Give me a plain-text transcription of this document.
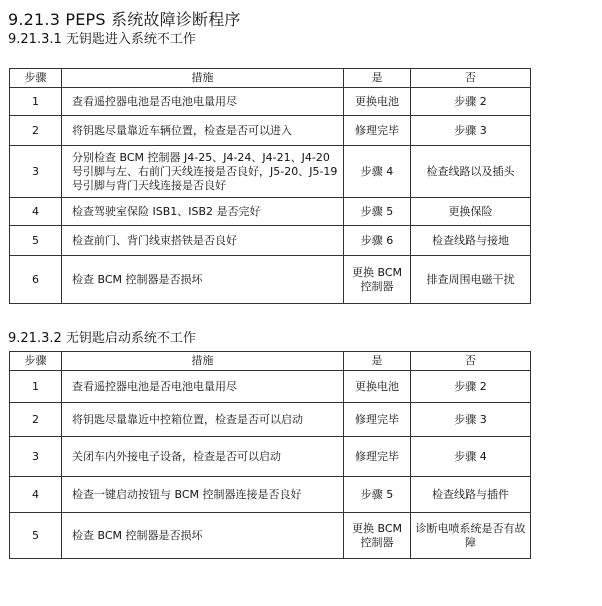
9.21.3 PEPS 系统故障诊断程序
9.21.3.1 无钥匙进入系统不工作
步骤	措施	是	否
1	查看遥控器电池是否电池电量用尽	更换电池	步骤 2
2	将钥匙尽量靠近车辆位置，检查是否可以进入	修理完毕	步骤 3
3	分别检查 BCM 控制器 J4-25、J4-24、J4-21、J4-20 号引脚与左、右前门天线连接是否良好，J5-20、J5-19 号引脚与背门天线连接是否良好	步骤 4	检查线路以及插头
4	检查驾驶室保险 ISB1、ISB2 是否完好	步骤 5	更换保险
5	检查前门、背门线束搭铁是否良好	步骤 6	检查线路与接地
6	检查 BCM 控制器是否损坏	更换 BCM 控制器	排查周围电磁干扰
9.21.3.2 无钥匙启动系统不工作
步骤	措施	是	否
1	查看遥控器电池是否电池电量用尽	更换电池	步骤 2
2	将钥匙尽量靠近中控箱位置，检查是否可以启动	修理完毕	步骤 3
3	关闭车内外接电子设备，检查是否可以启动	修理完毕	步骤 4
4	检查一键启动按钮与 BCM 控制器连接是否良好	步骤 5	检查线路与插件
5	检查 BCM 控制器是否损坏	更换 BCM 控制器	诊断电喷系统是否有故障
